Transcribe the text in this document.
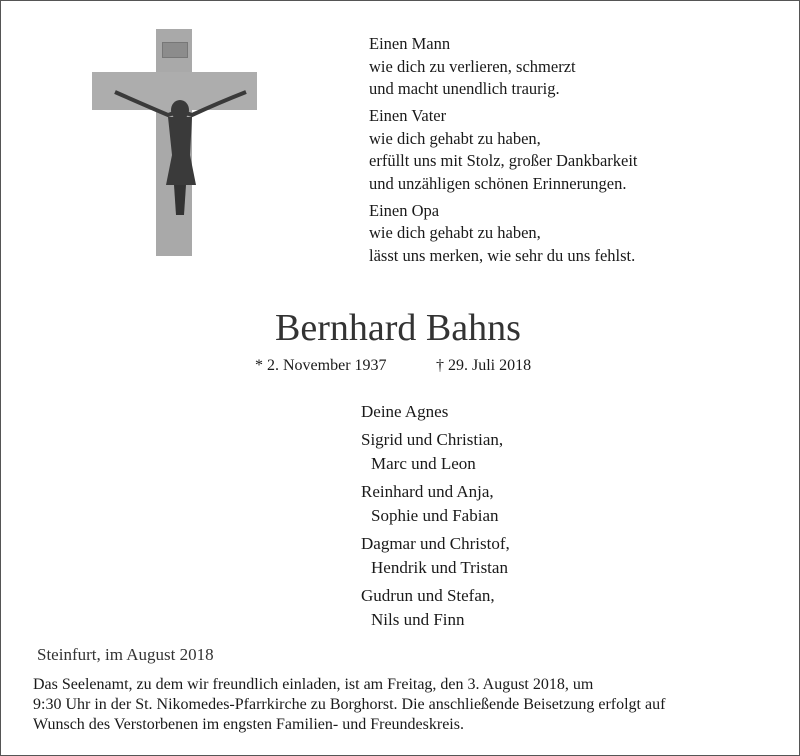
Einen Mann
wie dich zu verlieren, schmerzt
und macht unendlich traurig.
Einen Vater
wie dich gehabt zu haben,
erfüllt uns mit Stolz, großer Dankbarkeit
und unzähligen schönen Erinnerungen.
Einen Opa
wie dich gehabt zu haben,
lässt uns merken, wie sehr du uns fehlst.
Bernhard Bahns
* 2. November 1937	† 29. Juli 2018
Deine Agnes
Sigrid und Christian,
Marc und Leon
Reinhard und Anja,
Sophie und Fabian
Dagmar und Christof,
Hendrik und Tristan
Gudrun und Stefan,
Nils und Finn
Steinfurt, im August 2018
Das Seelenamt, zu dem wir freundlich einladen, ist am Freitag, den 3. August 2018, um
9:30 Uhr in der St. Nikomedes-Pfarrkirche zu Borghorst. Die anschließende Beisetzung erfolgt auf
Wunsch des Verstorbenen im engsten Familien- und Freundeskreis.
